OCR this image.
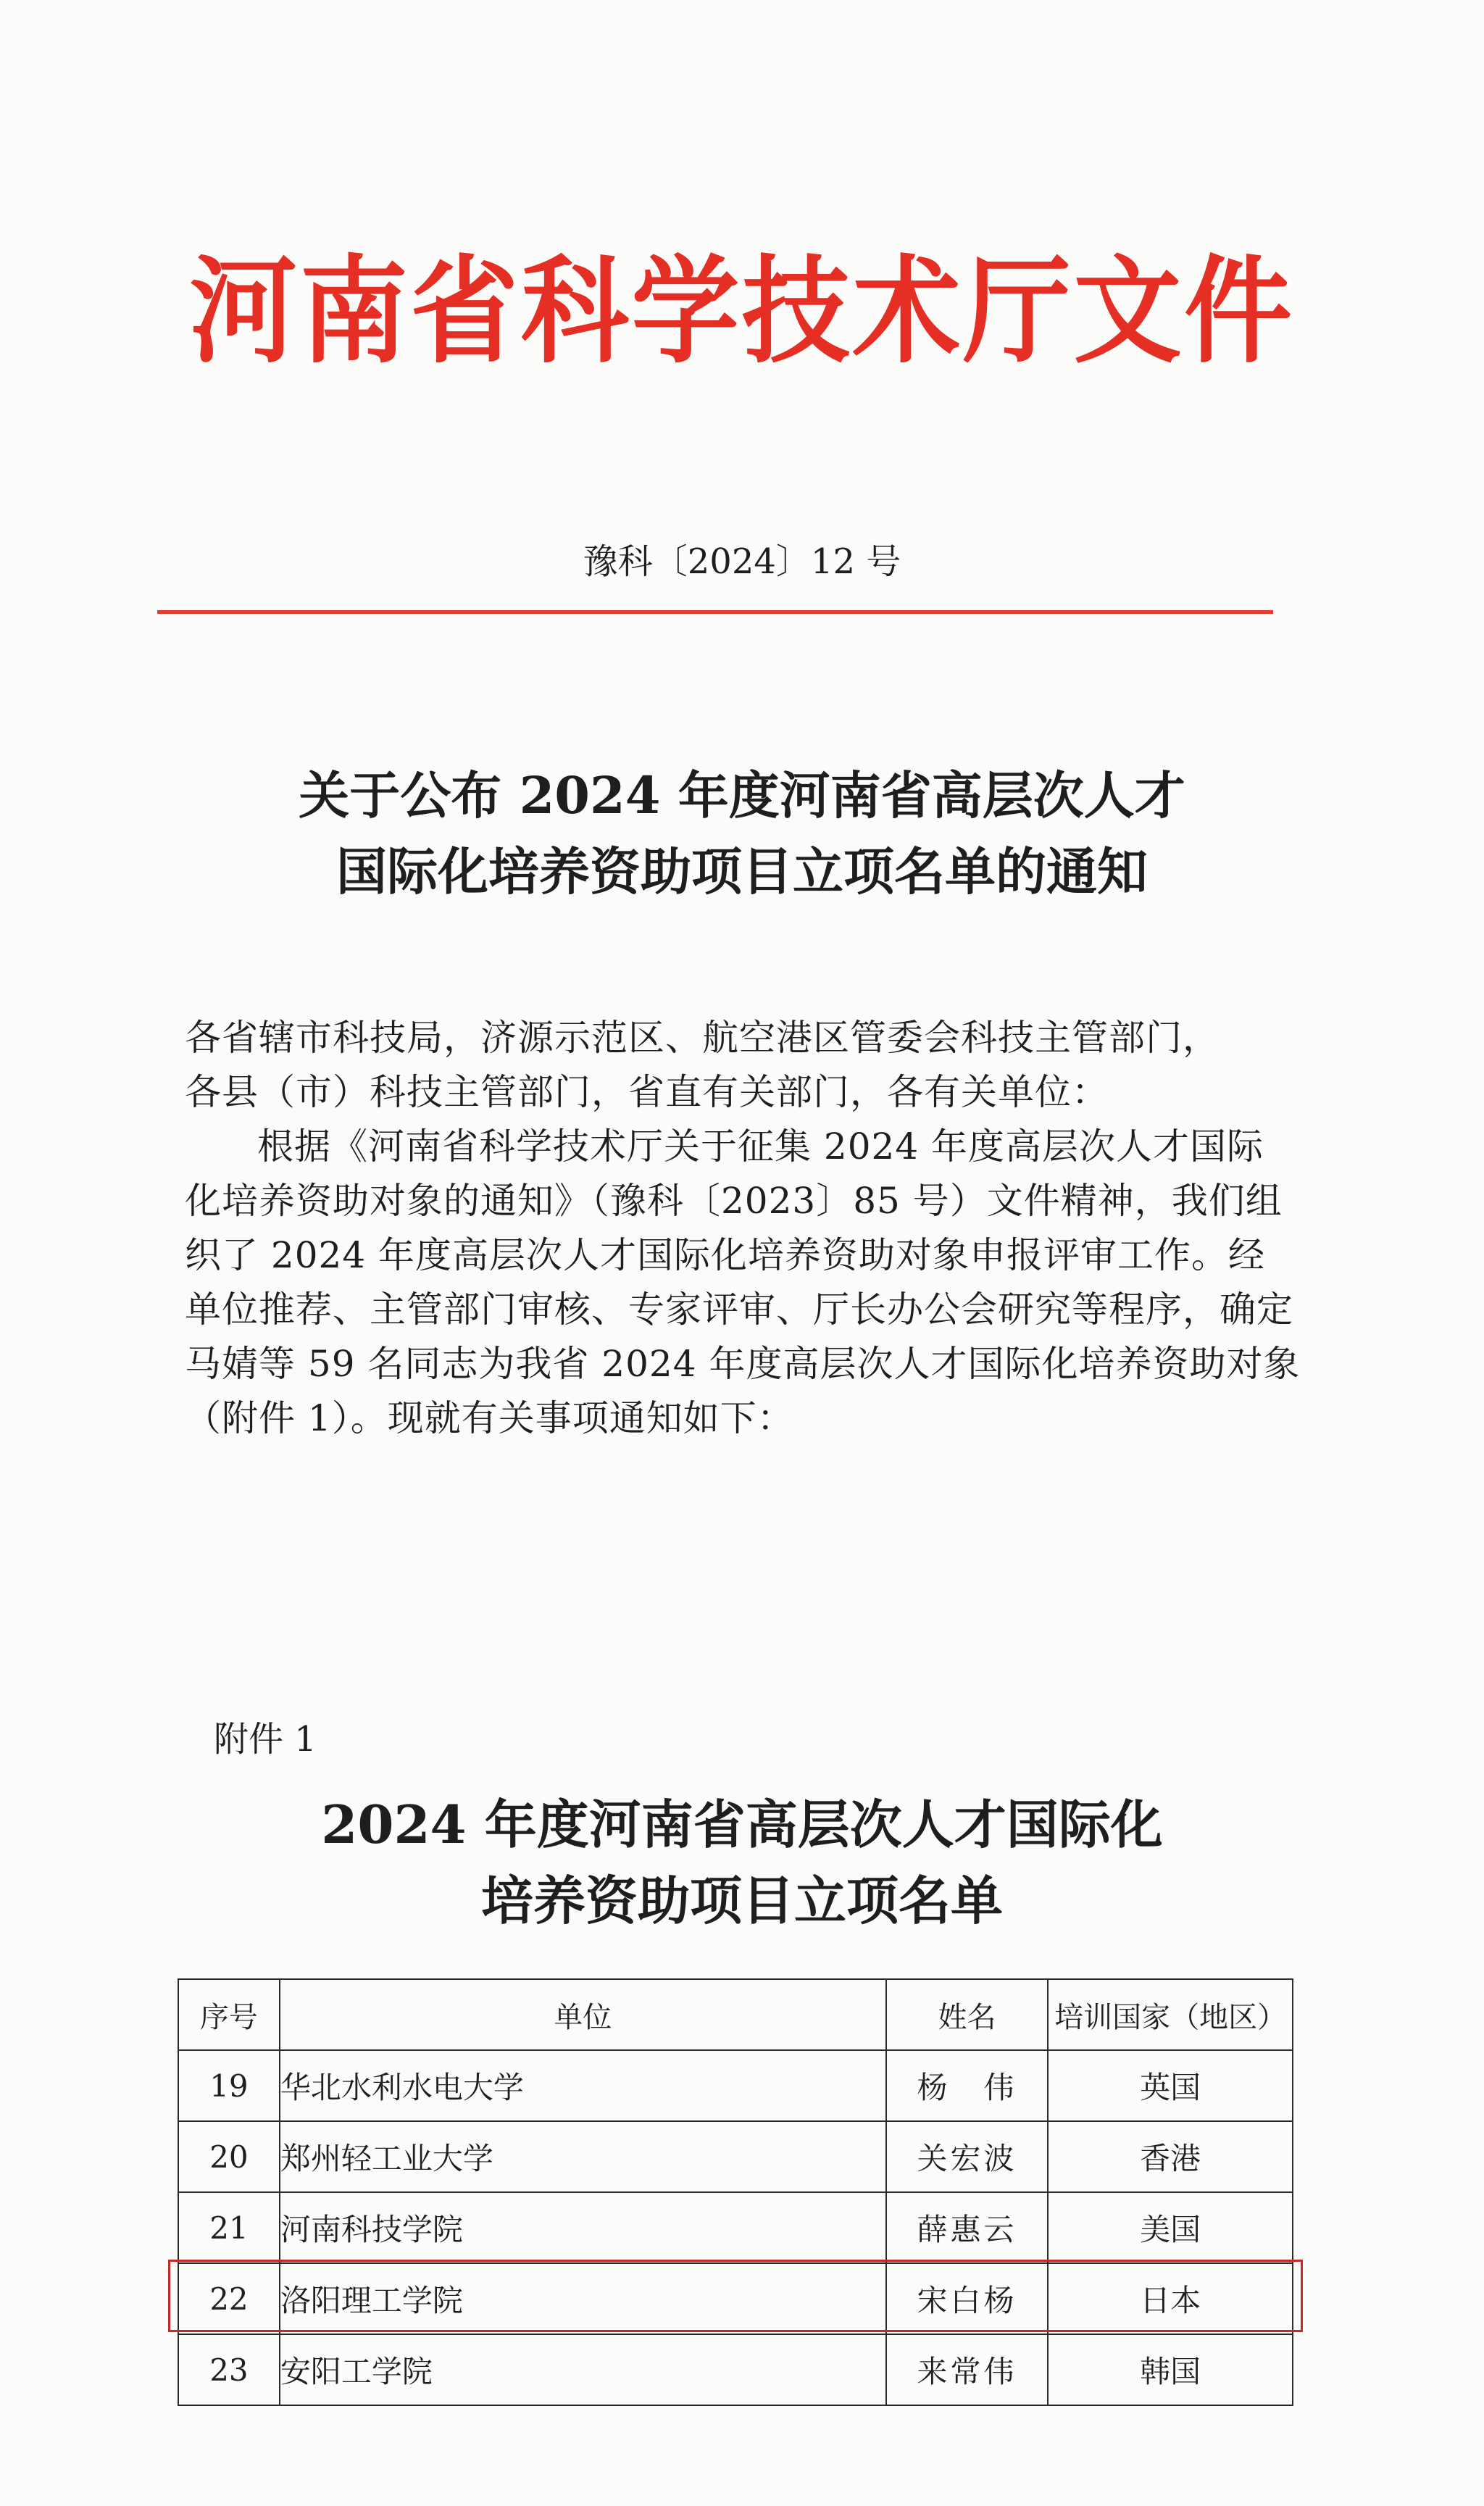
河南省科学技术厅文件
豫科〔2024〕12 号
关于公布 2024 年度河南省高层次人才
国际化培养资助项目立项名单的通知
各省辖市科技局，济源示范区、航空港区管委会科技主管部门，
各县（市）科技主管部门，省直有关部门，各有关单位：
根据《河南省科学技术厅关于征集 2024 年度高层次人才国际化培养资助对象的通知》（豫科〔2023〕85 号）文件精神，我们组织了 2024 年度高层次人才国际化培养资助对象申报评审工作。经单位推荐、主管部门审核、专家评审、厅长办公会研究等程序，确定马婧等 59 名同志为我省 2024 年度高层次人才国际化培养资助对象（附件 1）。现就有关事项通知如下：
附件 1
2024 年度河南省高层次人才国际化
培养资助项目立项名单
序号	单位	姓名	培训国家（地区）
19	华北水利水电大学	杨　伟	英国
20	郑州轻工业大学	关宏波	香港
21	河南科技学院	薛惠云	美国
22	洛阳理工学院	宋白杨	日本
23	安阳工学院	来常伟	韩国
